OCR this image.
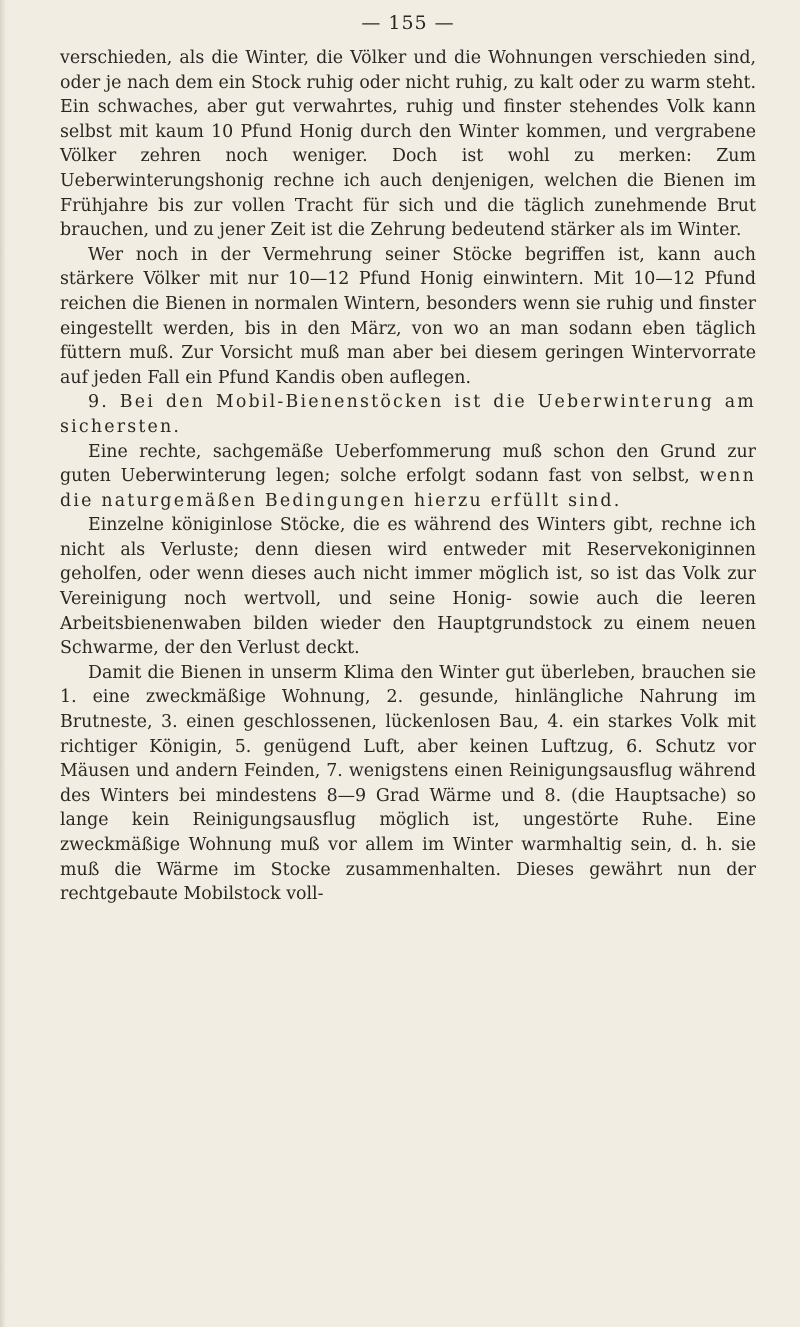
— 155 —

verschieden, als die Winter, die Völker und die Wohnungen verschieden sind, oder je nach dem ein Stock ruhig oder nicht ruhig, zu kalt oder zu warm steht. Ein schwaches, aber gut verwahrtes, ruhig und finster stehendes Volk kann selbst mit kaum 10 Pfund Honig durch den Winter kommen, und vergrabene Völker zehren noch weniger. Doch ist wohl zu merken: Zum Ueberwinterungshonig rechne ich auch denjenigen, welchen die Bienen im Frühjahre bis zur vollen Tracht für sich und die täglich zunehmende Brut brauchen, und zu jener Zeit ist die Zehrung bedeutend stärker als im Winter.

Wer noch in der Vermehrung seiner Stöcke begriffen ist, kann auch stärkere Völker mit nur 10—12 Pfund Honig einwintern. Mit 10—12 Pfund reichen die Bienen in normalen Wintern, besonders wenn sie ruhig und finster eingestellt werden, bis in den März, von wo an man sodann eben täglich füttern muß. Zur Vorsicht muß man aber bei diesem geringen Wintervorrate auf jeden Fall ein Pfund Kandis oben auflegen.

9. Bei den Mobil-Bienenstöcken ist die Ueberwinterung am sichersten.

Eine rechte, sachgemäße Ueberfommerung muß schon den Grund zur guten Ueberwinterung legen; solche erfolgt sodann fast von selbst, wenn die naturgemäßen Bedingungen hierzu erfüllt sind.

Einzelne königinlose Stöcke, die es während des Winters gibt, rechne ich nicht als Verluste; denn diesen wird entweder mit Reservekoniginnen geholfen, oder wenn dieses auch nicht immer möglich ist, so ist das Volk zur Vereinigung noch wertvoll, und seine Honig- sowie auch die leeren Arbeitsbienenwaben bilden wieder den Hauptgrundstock zu einem neuen Schwarme, der den Verlust deckt.

Damit die Bienen in unserm Klima den Winter gut überleben, brauchen sie 1. eine zweckmäßige Wohnung, 2. gesunde, hinlängliche Nahrung im Brutneste, 3. einen geschlossenen, lückenlosen Bau, 4. ein starkes Volk mit richtiger Königin, 5. genügend Luft, aber keinen Luftzug, 6. Schutz vor Mäusen und andern Feinden, 7. wenigstens einen Reinigungsausflug während des Winters bei mindestens 8—9 Grad Wärme und 8. (die Hauptsache) so lange kein Reinigungsausflug möglich ist, ungestörte Ruhe. Eine zweckmäßige Wohnung muß vor allem im Winter warmhaltig sein, d. h. sie muß die Wärme im Stocke zusammenhalten. Dieses gewährt nun der rechtgebaute Mobilstock voll-
